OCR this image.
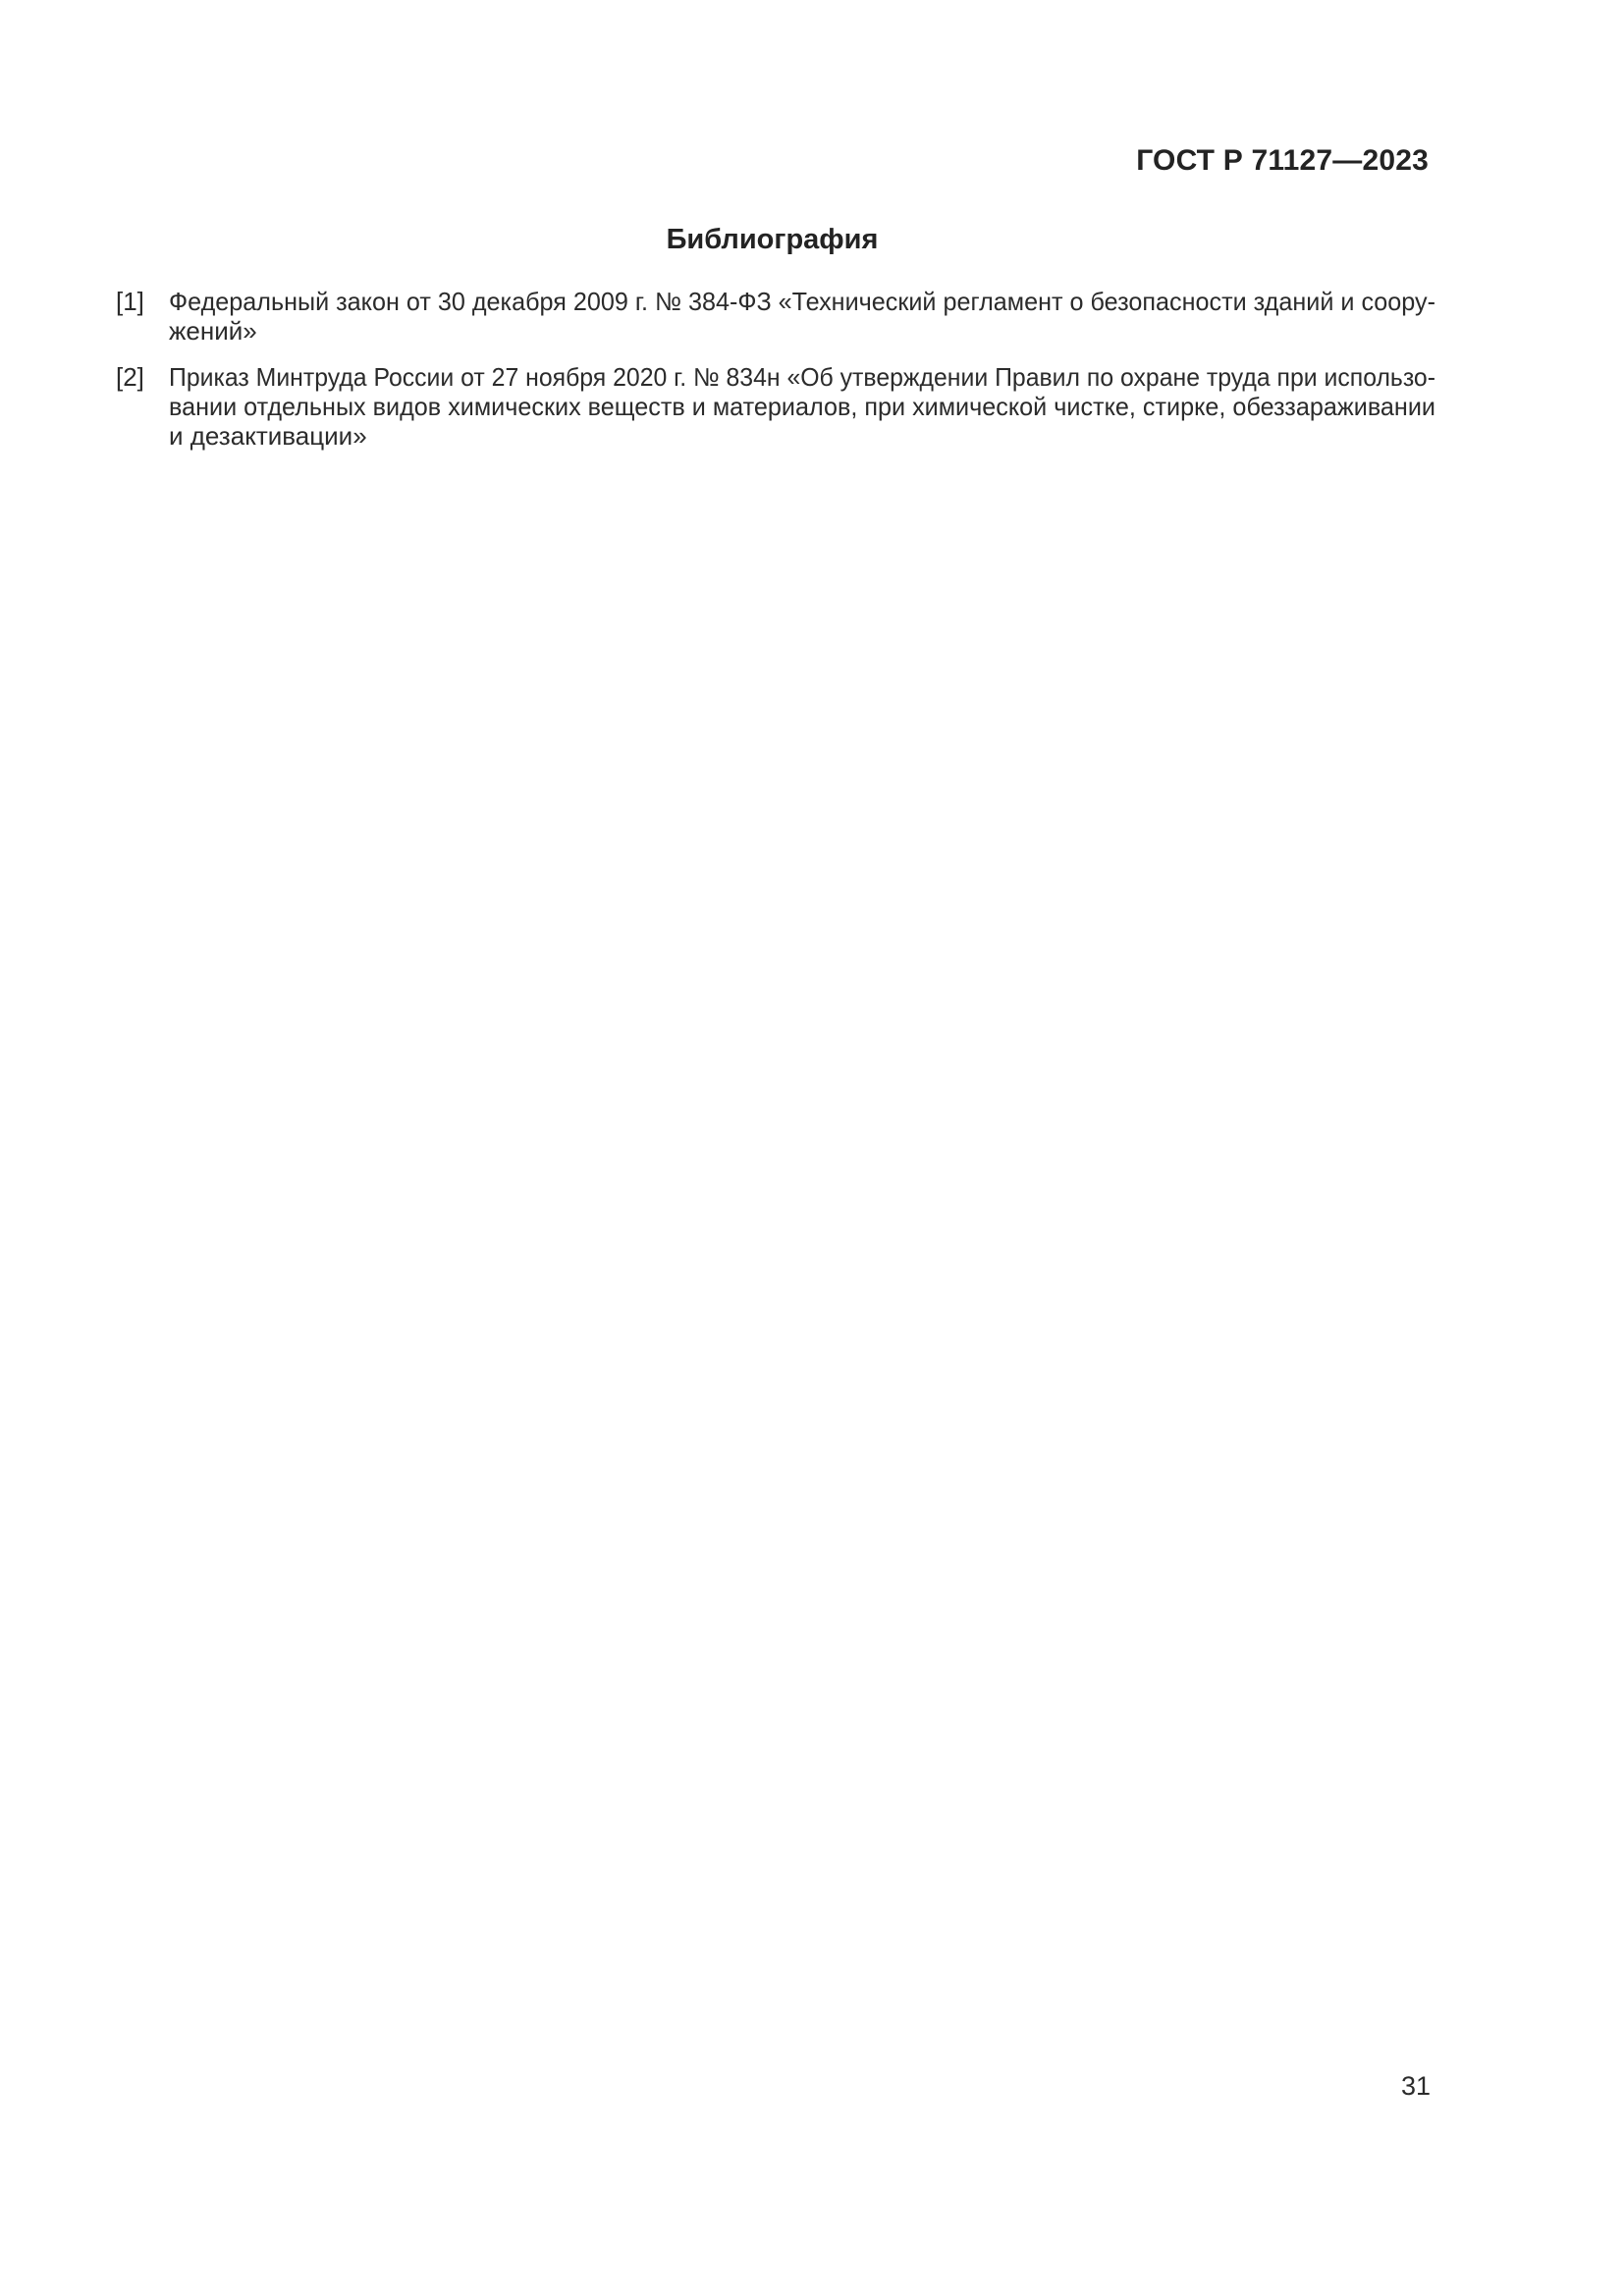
ГОСТ Р 71127—2023
Библиография
[1] Федеральный закон от 30 декабря 2009 г. № 384-ФЗ «Технический регламент о безопасности зданий и соору-
жений»
[2] Приказ Минтруда России от 27 ноября 2020 г. № 834н «Об утверждении Правил по охране труда при использо-
вании отдельных видов химических веществ и материалов, при химической чистке, стирке, обеззараживании
и дезактивации»
31
